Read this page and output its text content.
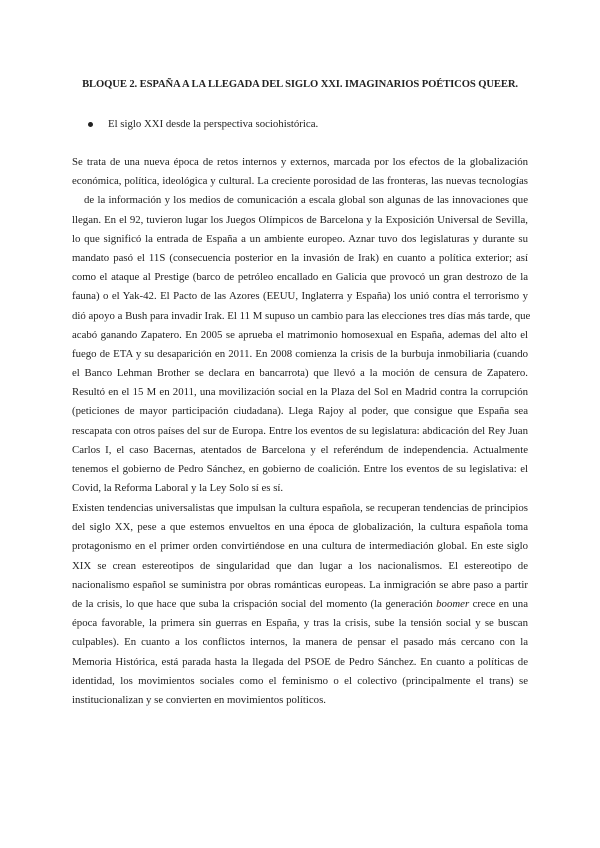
BLOQUE 2. ESPAÑA A LA LLEGADA DEL SIGLO XXI. IMAGINARIOS POÉTICOS QUEER.
El siglo XXI desde la perspectiva sociohistórica.
Se trata de una nueva época de retos internos y externos, marcada por los efectos de la globalización
económica, política, ideológica y cultural. La creciente porosidad de las fronteras, las nuevas tecnologías
de la información y los medios de comunicación a escala global son algunas de las innovaciones que
llegan. En el 92, tuvieron lugar los Juegos Olímpicos de Barcelona y la Exposición Universal de Sevilla,
lo que significó la entrada de España a un ambiente europeo. Aznar tuvo dos legislaturas y durante su
mandato pasó el 11S (consecuencia posterior en la invasión de Irak) en cuanto a política exterior; así
como el ataque al Prestige (barco de petróleo encallado en Galicia que provocó un gran destrozo de la
fauna) o el Yak-42. El Pacto de las Azores (EEUU, Inglaterra y España) los unió contra el terrorismo y
dió apoyo a Bush para invadir Irak. El 11 M supuso un cambio para las elecciones tres días más tarde, que
acabó ganando Zapatero. En 2005 se aprueba el matrimonio homosexual en España, ademas del alto el
fuego de ETA y su desaparición en 2011. En 2008 comienza la crisis de la burbuja inmobiliaria (cuando
el Banco Lehman Brother se declara en bancarrota) que llevó a la moción de censura de Zapatero.
Resultó en el 15 M en 2011, una movilización social en la Plaza del Sol en Madrid contra la corrupción
(peticiones de mayor participación ciudadana). Llega Rajoy al poder, que consigue que España sea
rescapata con otros países del sur de Europa. Entre los eventos de su legislatura: abdicación del Rey Juan
Carlos I, el caso Bacernas, atentados de Barcelona y el referéndum de independencia. Actualmente
tenemos el gobierno de Pedro Sánchez, en gobierno de coalición. Entre los eventos de su legislativa: el
Covid, la Reforma Laboral y la Ley Solo sí es sí.
Existen tendencias universalistas que impulsan la cultura española, se recuperan tendencias de principios
del siglo XX, pese a que estemos envueltos en una época de globalización, la cultura española toma
protagonismo en el primer orden convirtiéndose en una cultura de intermediación global. En este siglo
XIX se crean estereotipos de singularidad que dan lugar a los nacionalismos. El estereotipo de
nacionalismo español se suministra por obras románticas europeas. La inmigración se abre paso a partir
de la crisis, lo que hace que suba la crispación social del momento (la generación boomer crece en una
época favorable, la primera sin guerras en España, y tras la crisis, sube la tensión social y se buscan
culpables). En cuanto a los conflictos internos, la manera de pensar el pasado más cercano con la
Memoria Histórica, está parada hasta la llegada del PSOE de Pedro Sánchez. En cuanto a políticas de
identidad, los movimientos sociales como el feminismo o el colectivo (principalmente el trans) se
institucionalizan y se convierten en movimientos políticos.
